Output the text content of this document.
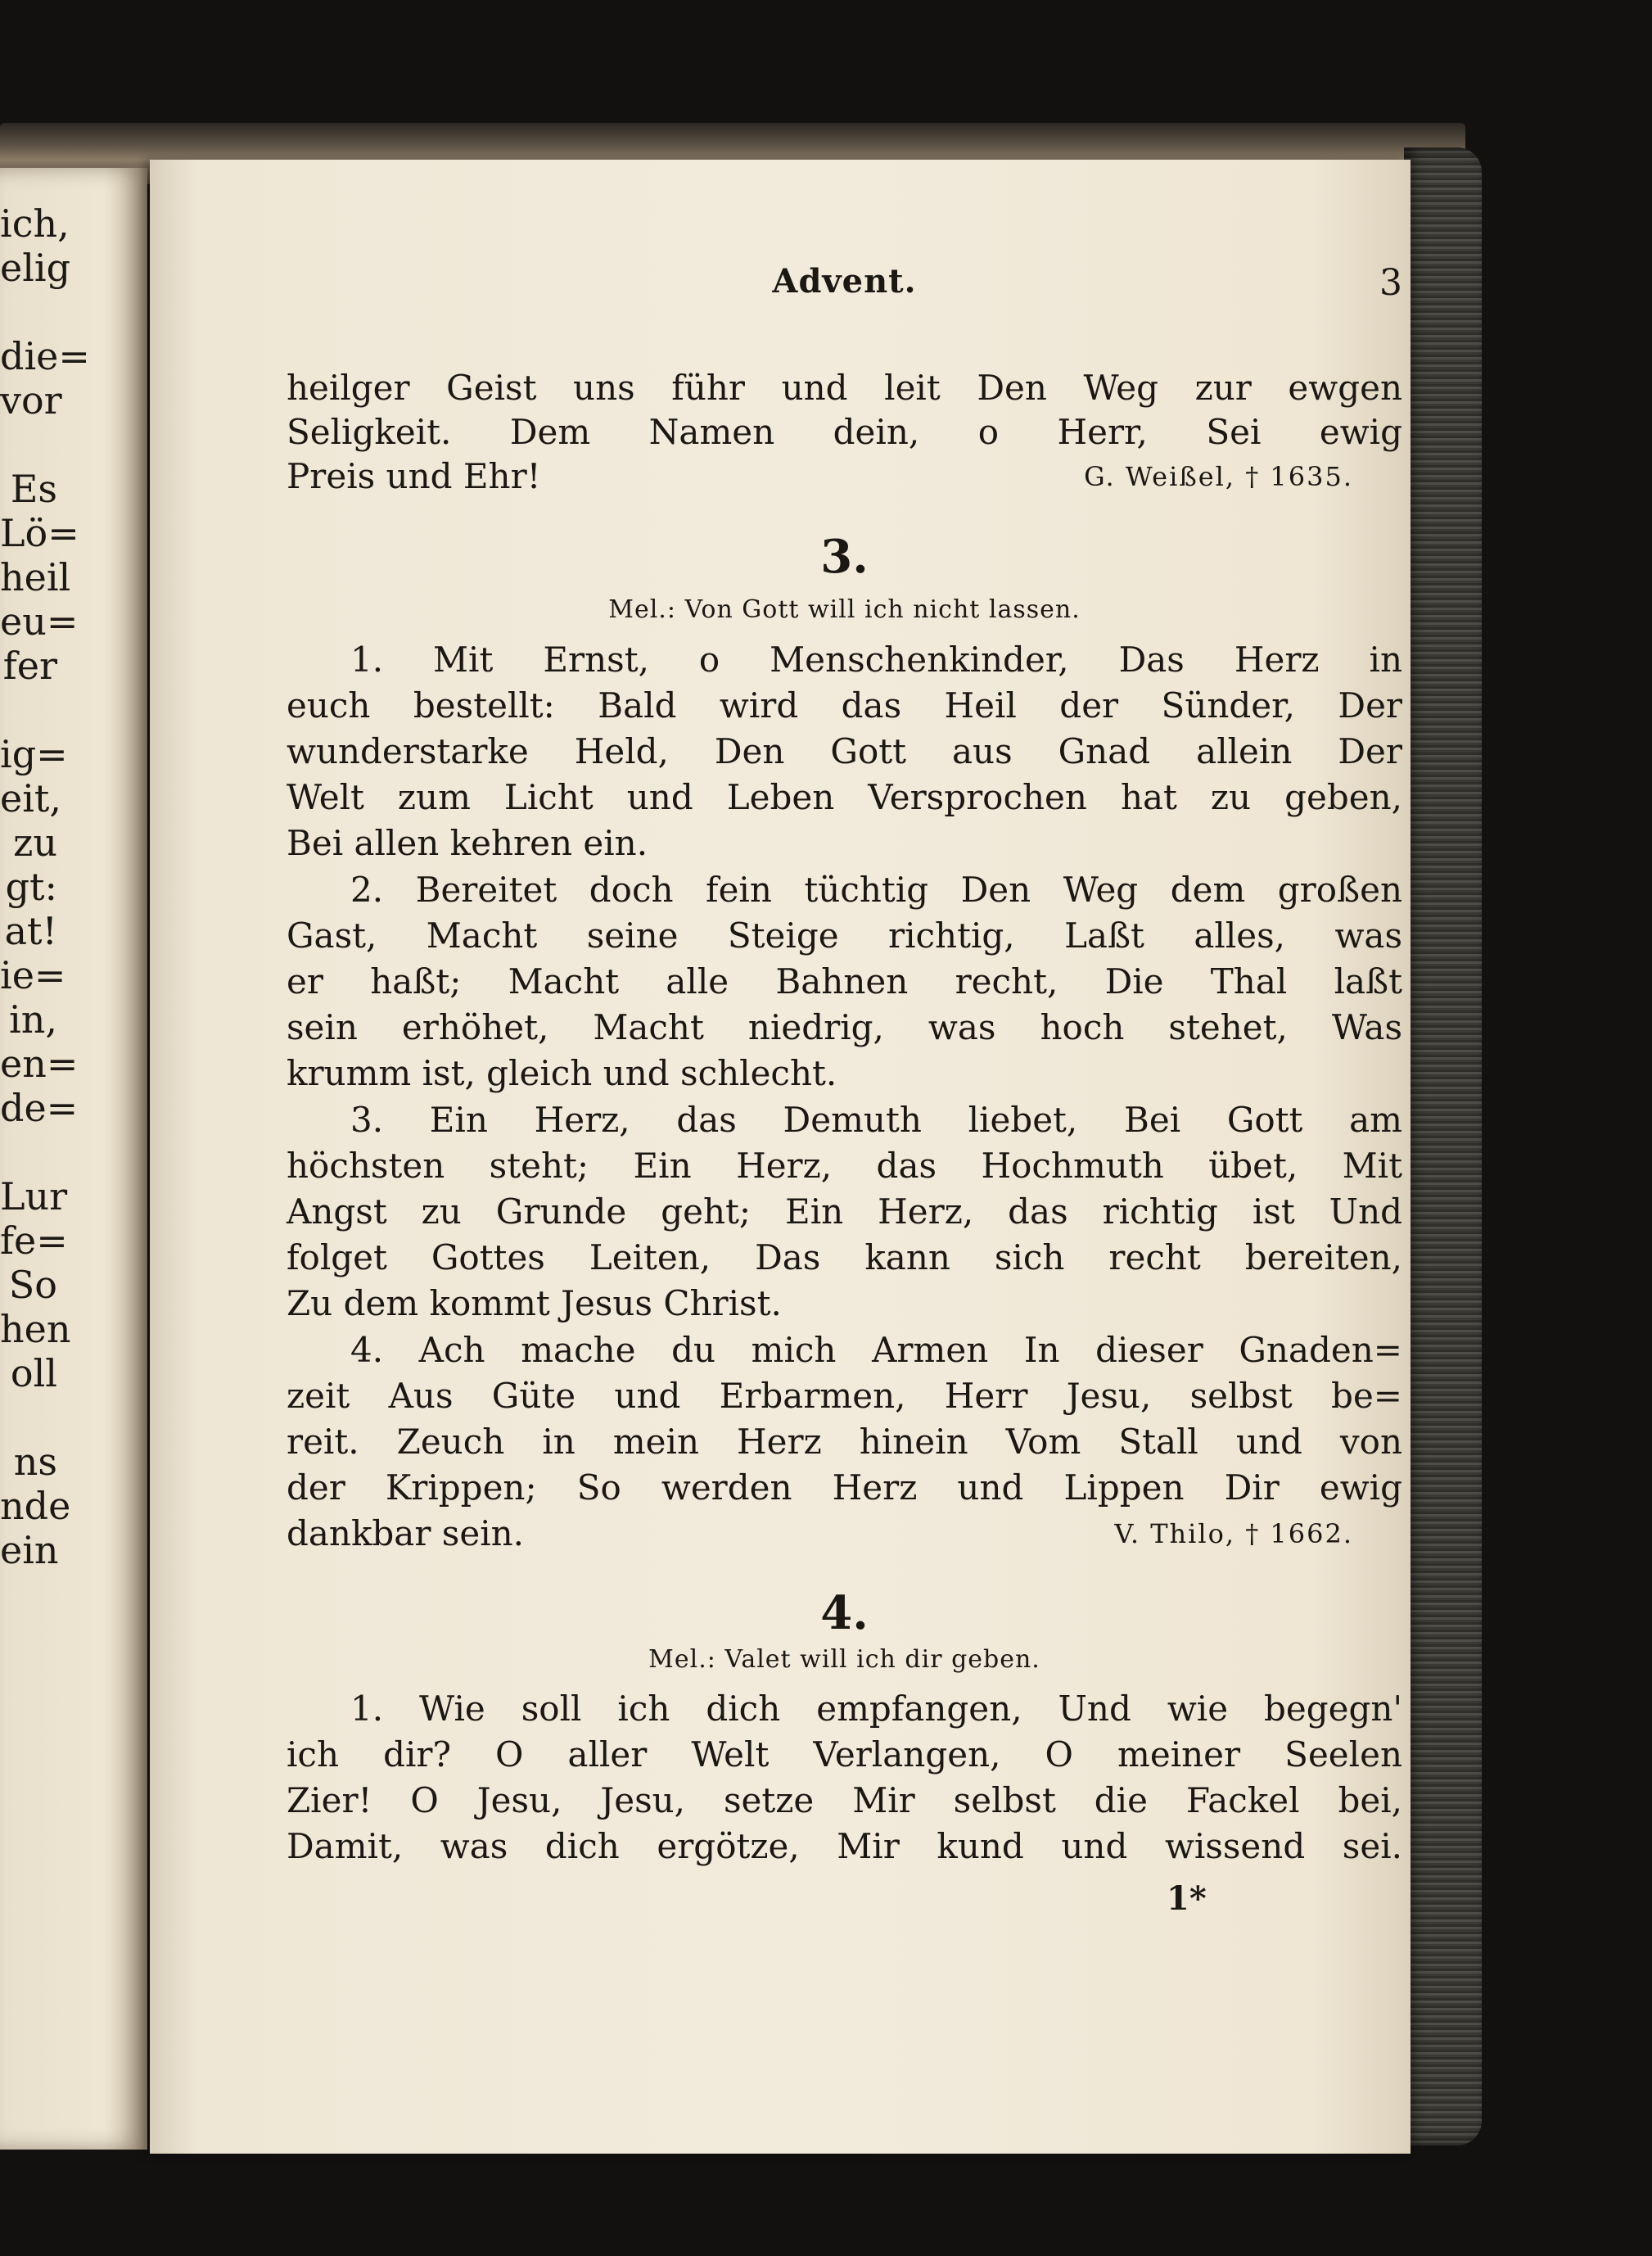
ich,
elig
die=
vor
Es
Lö=
heil
eu=
fer
ig=
eit,
zu
gt:
at!
ie=
in,
en=
de=
Lur
fe=
So
hen
oll
ns
nde
ein
Advent.	3
heilger Geist uns führ und leit Den Weg zur ewgen
Seligkeit. Dem Namen dein, o Herr, Sei ewig
Preis und Ehr!	G. Weißel, † 1635.
3.
Mel.: Von Gott will ich nicht lassen.
1. Mit Ernst, o Menschenkinder, Das Herz in
euch bestellt: Bald wird das Heil der Sünder, Der
wunderstarke Held, Den Gott aus Gnad allein Der
Welt zum Licht und Leben Versprochen hat zu geben,
Bei allen kehren ein.
2. Bereitet doch fein tüchtig Den Weg dem großen
Gast, Macht seine Steige richtig, Laßt alles, was
er haßt; Macht alle Bahnen recht, Die Thal laßt
sein erhöhet, Macht niedrig, was hoch stehet, Was
krumm ist, gleich und schlecht.
3. Ein Herz, das Demuth liebet, Bei Gott am
höchsten steht; Ein Herz, das Hochmuth übet, Mit
Angst zu Grunde geht; Ein Herz, das richtig ist Und
folget Gottes Leiten, Das kann sich recht bereiten,
Zu dem kommt Jesus Christ.
4. Ach mache du mich Armen In dieser Gnaden=
zeit Aus Güte und Erbarmen, Herr Jesu, selbst be=
reit. Zeuch in mein Herz hinein Vom Stall und von
der Krippen; So werden Herz und Lippen Dir ewig
dankbar sein.	V. Thilo, † 1662.
4.
Mel.: Valet will ich dir geben.
1. Wie soll ich dich empfangen, Und wie begegn'
ich dir? O aller Welt Verlangen, O meiner Seelen
Zier! O Jesu, Jesu, setze Mir selbst die Fackel bei,
Damit, was dich ergötze, Mir kund und wissend sei.
1*
